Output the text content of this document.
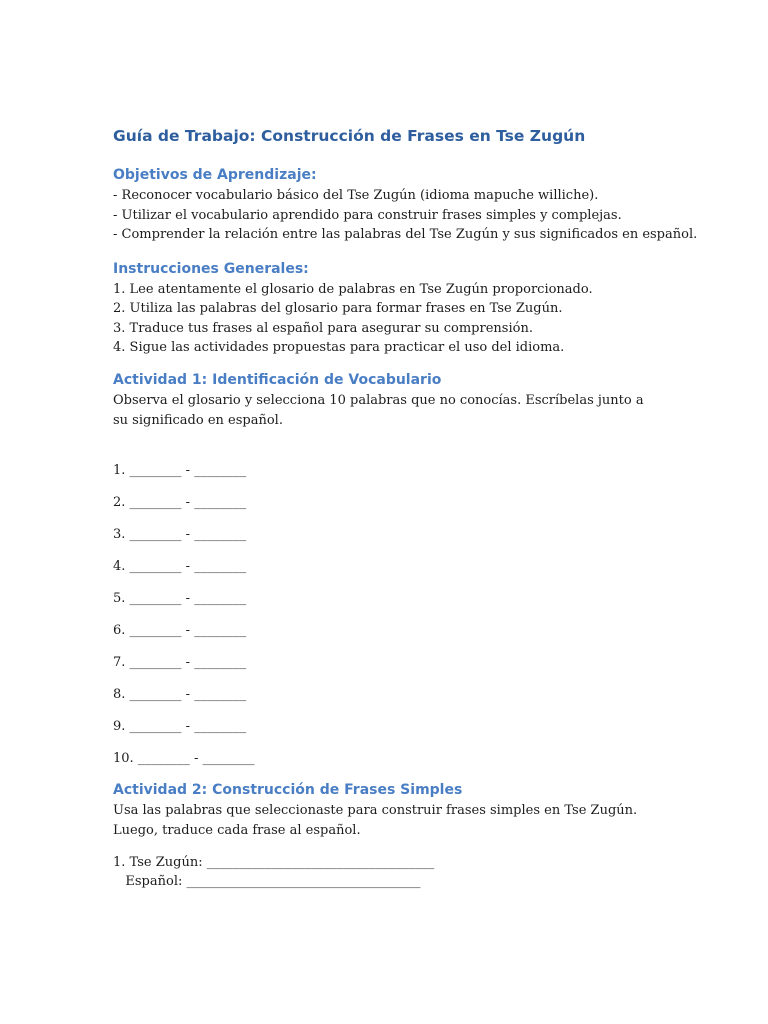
Guía de Trabajo: Construcción de Frases en Tse Zugún
Objetivos de Aprendizaje:
- Reconocer vocabulario básico del Tse Zugún (idioma mapuche williche).
- Utilizar el vocabulario aprendido para construir frases simples y complejas.
- Comprender la relación entre las palabras del Tse Zugún y sus significados en español.
Instrucciones Generales:
1. Lee atentamente el glosario de palabras en Tse Zugún proporcionado.
2. Utiliza las palabras del glosario para formar frases en Tse Zugún.
3. Traduce tus frases al español para asegurar su comprensión.
4. Sigue las actividades propuestas para practicar el uso del idioma.
Actividad 1: Identificación de Vocabulario
Observa el glosario y selecciona 10 palabras que no conocías. Escríbelas junto a su significado en español.
1. ________ - ________
2. ________ - ________
3. ________ - ________
4. ________ - ________
5. ________ - ________
6. ________ - ________
7. ________ - ________
8. ________ - ________
9. ________ - ________
10. ________ - ________
Actividad 2: Construcción de Frases Simples
Usa las palabras que seleccionaste para construir frases simples en Tse Zugún. Luego, traduce cada frase al español.
1. Tse Zugún: ___________________________________
Español: ____________________________________
